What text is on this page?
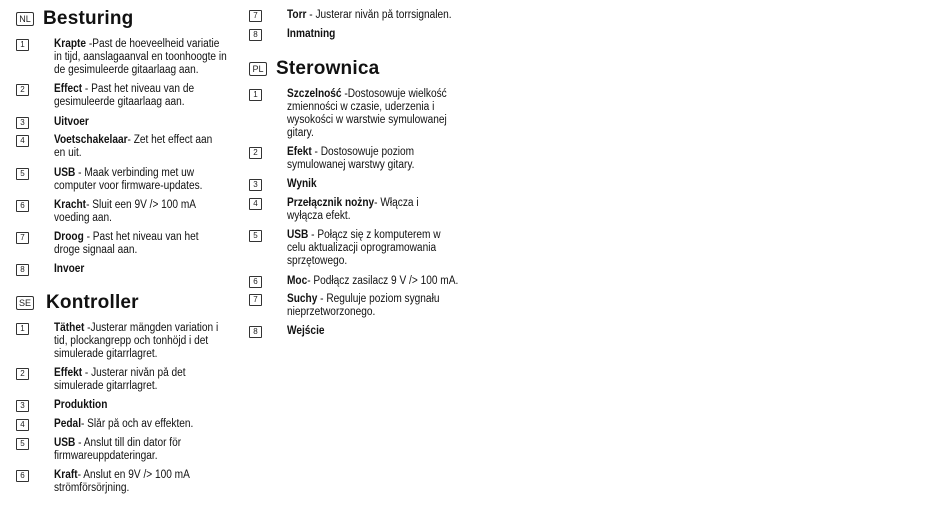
NL Besturing
1	Krapte -Past de hoeveelheid variatie in tijd, aanslagaanval en toonhoogte in de gesimuleerde gitaarlaag aan.
2	Effect - Past het niveau van de gesimuleerde gitaarlaag aan.
3	Uitvoer
4	Voetschakelaar- Zet het effect aan en uit.
5	USB - Maak verbinding met uw computer voor firmware-updates.
6	Kracht- Sluit een 9V /> 100 mA voeding aan.
7	Droog - Past het niveau van het droge signaal aan.
8	Invoer
SE Kontroller
1	Täthet -Justerar mängden variation i tid, plockangrepp och tonhöjd i det simulerade gitarrlagret.
2	Effekt - Justerar nivån på det simulerade gitarrlagret.
3	Produktion
4	Pedal- Slår på och av effekten.
5	USB - Anslut till din dator för firmwareuppdateringar.
6	Kraft- Anslut en 9V /> 100 mA strömförsörjning.
7	Torr - Justerar nivån på torrsignalen.
8	Inmatning
PL Sterownica
1	Szczelność -Dostosowuje wielkość zmienności w czasie, uderzenia i wysokości w warstwie symulowanej gitary.
2	Efekt - Dostosowuje poziom symulowanej warstwy gitary.
3	Wynik
4	Przełącznik nożny- Włącza i wyłącza efekt.
5	USB - Połącz się z komputerem w celu aktualizacji oprogramowania sprzętowego.
6	Moc- Podłącz zasilacz 9 V /> 100 mA.
7	Suchy - Reguluje poziom sygnału nieprzetworzonego.
8	Wejście
